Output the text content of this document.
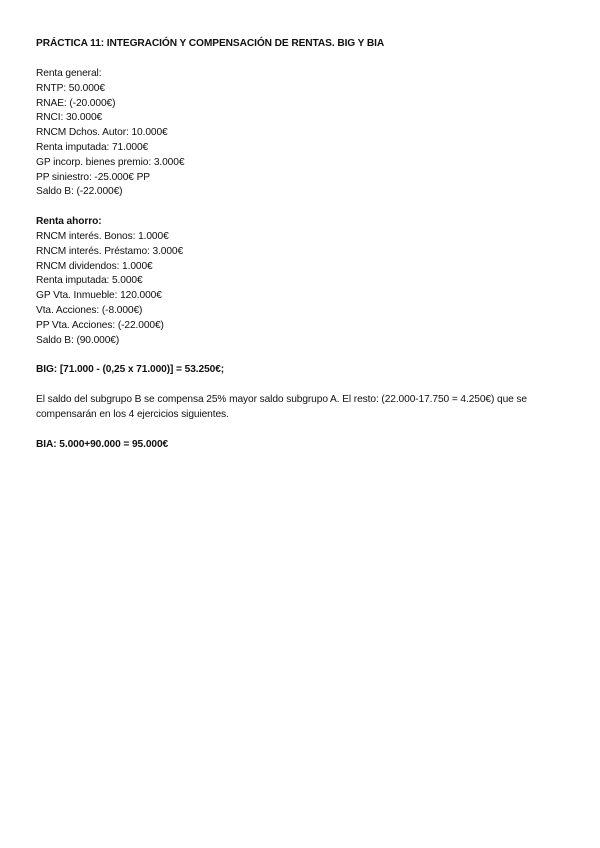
PRÁCTICA 11: INTEGRACIÓN Y COMPENSACIÓN DE RENTAS. BIG Y BIA

Renta general:

RNTP: 50.000€

RNAE: (-20.000€)

RNCI: 30.000€

RNCM Dchos. Autor: 10.000€

Renta imputada: 71.000€

GP incorp. bienes premio: 3.000€

PP siniestro: -25.000€ PP

Saldo B: (-22.000€)

Renta ahorro:

RNCM interés. Bonos: 1.000€

RNCM interés. Préstamo: 3.000€

RNCM dividendos: 1.000€

Renta imputada: 5.000€

GP Vta. Inmueble: 120.000€

Vta. Acciones: (-8.000€)

PP Vta. Acciones: (-22.000€)

Saldo B: (90.000€)

BIG: [71.000 - (0,25 x 71.000)] = 53.250€;

El saldo del subgrupo B se compensa 25% mayor saldo subgrupo A. El resto: (22.000-17.750 = 4.250€) que se compensarán en los 4 ejercicios siguientes.

BIA: 5.000+90.000 = 95.000€
